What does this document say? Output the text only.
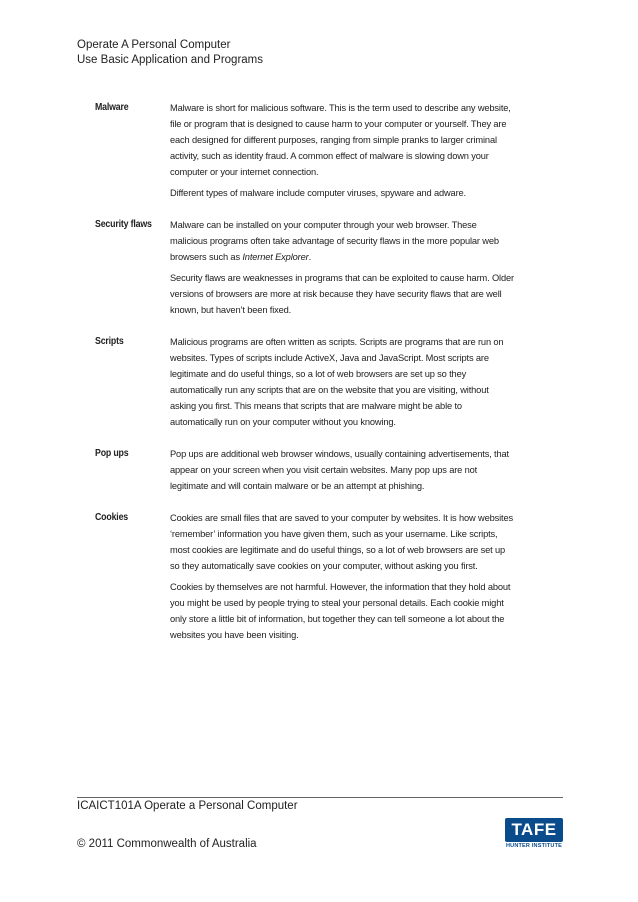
Operate A Personal Computer
Use Basic Application and Programs
Malware	Malware is short for malicious software. This is the term used to describe any website, file or program that is designed to cause harm to your computer or yourself. They are each designed for different purposes, ranging from simple pranks to larger criminal activity, such as identity fraud. A common effect of malware is slowing down your computer or your internet connection.

Different types of malware include computer viruses, spyware and adware.

Security flaws	Malware can be installed on your computer through your web browser. These malicious programs often take advantage of security flaws in the more popular web browsers such as Internet Explorer.

Security flaws are weaknesses in programs that can be exploited to cause harm. Older versions of browsers are more at risk because they have security flaws that are well known, but haven’t been fixed.

Scripts	Malicious programs are often written as scripts. Scripts are programs that are run on websites. Types of scripts include ActiveX, Java and JavaScript. Most scripts are legitimate and do useful things, so a lot of web browsers are set up so they automatically run any scripts that are on the website that you are visiting, without asking you first. This means that scripts that are malware might be able to automatically run on your computer without you knowing.

Pop ups	Pop ups are additional web browser windows, usually containing advertisements, that appear on your screen when you visit certain websites. Many pop ups are not legitimate and will contain malware or be an attempt at phishing.

Cookies	Cookies are small files that are saved to your computer by websites. It is how websites ‘remember’ information you have given them, such as your username. Like scripts, most cookies are legitimate and do useful things, so a lot of web browsers are set up so they automatically save cookies on your computer, without asking you first.

Cookies by themselves are not harmful. However, the information that they hold about you might be used by people trying to steal your personal details. Each cookie might only store a little bit of information, but together they can tell someone a lot about the websites you have been visiting.

ICAICT101A Operate a Personal Computer
© 2011 Commonwealth of Australia
TAFE
HUNTER INSTITUTE
